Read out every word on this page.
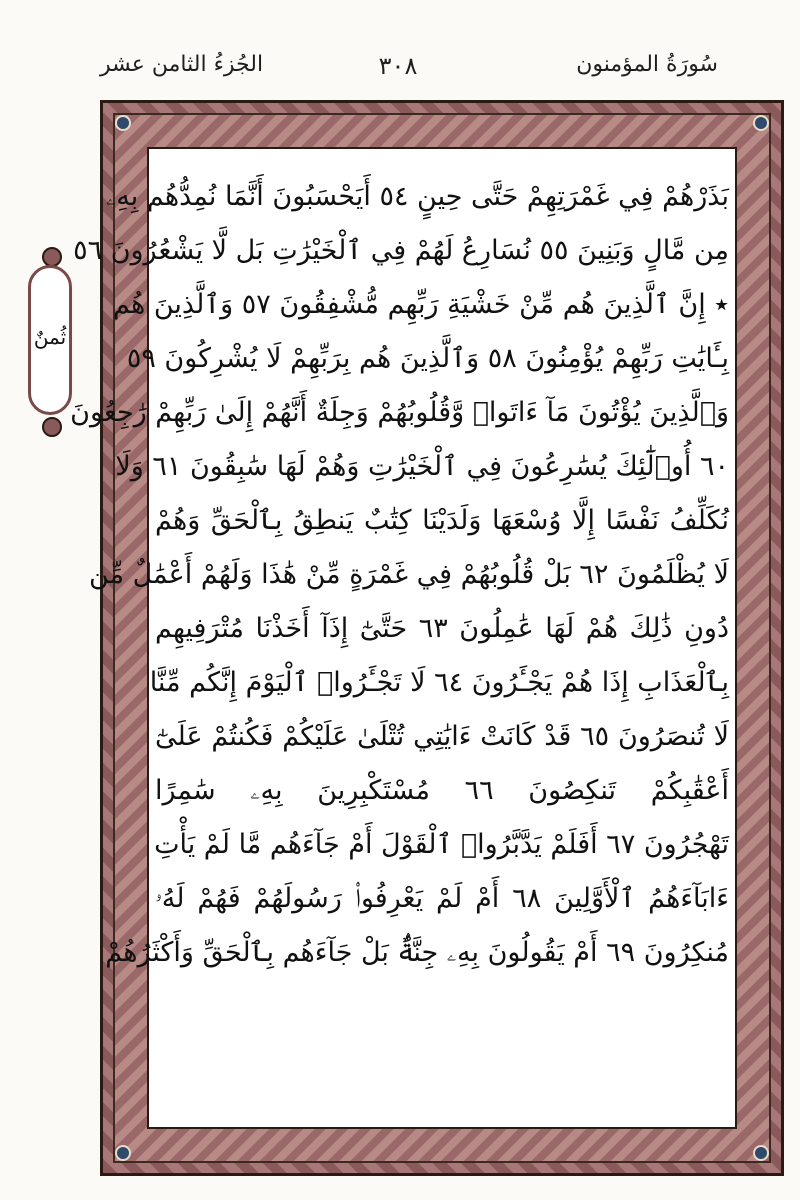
سُورَةُ المؤمنون
٣٠٨
الجُزءُ الثامن عشر
ثُمنٌ
بَذَرْهُمْ فِي غَمْرَتِهِمْ حَتَّى حِينٍ ٥٤ أَيَحْسَبُونَ أَنَّمَا نُمِدُّهُم بِهِۦ
مِن مَّالٍ وَبَنِينَ ٥٥ نُسَارِعُ لَهُمْ فِي ٱلْخَيْرَٰتِ بَل لَّا يَشْعُرُونَ ٥٦
٭ إِنَّ ٱلَّذِينَ هُم مِّنْ خَشْيَةِ رَبِّهِم مُّشْفِقُونَ ٥٧ وَٱلَّذِينَ هُم
بِـَٔايَٰتِ رَبِّهِمْ يُؤْمِنُونَ ٥٨ وَٱلَّذِينَ هُم بِرَبِّهِمْ لَا يُشْرِكُونَ ٥٩
وَٱلَّذِينَ يُؤْتُونَ مَآ ءَاتَوا۟ وَّقُلُوبُهُمْ وَجِلَةٌ أَنَّهُمْ إِلَىٰ رَبِّهِمْ رَٰجِعُونَ
٦٠ أُو۟لَٰٓئِكَ يُسَٰرِعُونَ فِي ٱلْخَيْرَٰتِ وَهُمْ لَهَا سَٰبِقُونَ ٦١ وَلَا
نُكَلِّفُ نَفْسًا إِلَّا وُسْعَهَا وَلَدَيْنَا كِتَٰبٌ يَنطِقُ بِٱلْحَقِّ وَهُمْ
لَا يُظْلَمُونَ ٦٢ بَلْ قُلُوبُهُمْ فِي غَمْرَةٍ مِّنْ هَٰذَا وَلَهُمْ أَعْمَٰلٌ مِّن
دُونِ ذَٰلِكَ هُمْ لَهَا عَٰمِلُونَ ٦٣ حَتَّىٰٓ إِذَآ أَخَذْنَا مُتْرَفِيهِم
بِٱلْعَذَابِ إِذَا هُمْ يَجْـَٔرُونَ ٦٤ لَا تَجْـَٔرُوا۟ ٱلْيَوْمَ إِنَّكُم مِّنَّا
لَا تُنصَرُونَ ٦٥ قَدْ كَانَتْ ءَايَٰتِي تُتْلَىٰ عَلَيْكُمْ فَكُنتُمْ عَلَىٰٓ
أَعْقَٰبِكُمْ تَنكِصُونَ ٦٦ مُسْتَكْبِرِينَ بِهِۦ سَٰمِرًا
تَهْجُرُونَ ٦٧ أَفَلَمْ يَدَّبَّرُوا۟ ٱلْقَوْلَ أَمْ جَآءَهُم مَّا لَمْ يَأْتِ
ءَابَآءَهُمُ ٱلْأَوَّلِينَ ٦٨ أَمْ لَمْ يَعْرِفُوا۟ رَسُولَهُمْ فَهُمْ لَهُۥ
مُنكِرُونَ ٦٩ أَمْ يَقُولُونَ بِهِۦ جِنَّةٌۢ بَلْ جَآءَهُم بِٱلْحَقِّ وَأَكْثَرُهُمْ
